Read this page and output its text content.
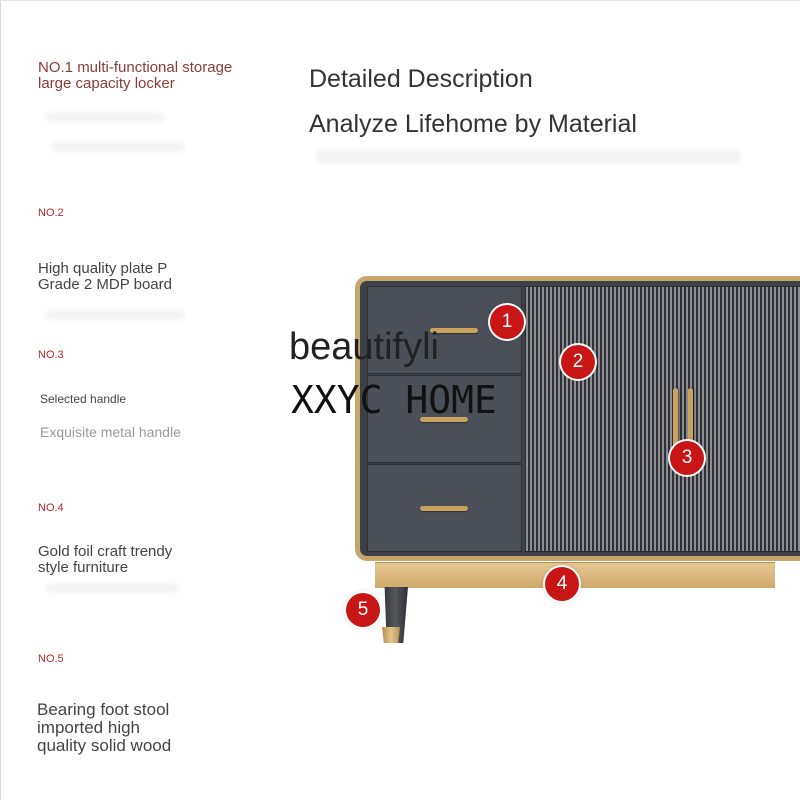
NO.1 multi-functional storage
large capacity locker	Detailed Description
Analyze Lifehome by Material
NO.2
High quality plate P
Grade 2 MDP board
NO.3
Selected handle
Exquisite metal handle
NO.4
Gold foil craft trendy
style furniture
NO.5
Bearing foot stool
imported high
quality solid wood
beautifyli
XXYC HOME
1
2
3
4
5
